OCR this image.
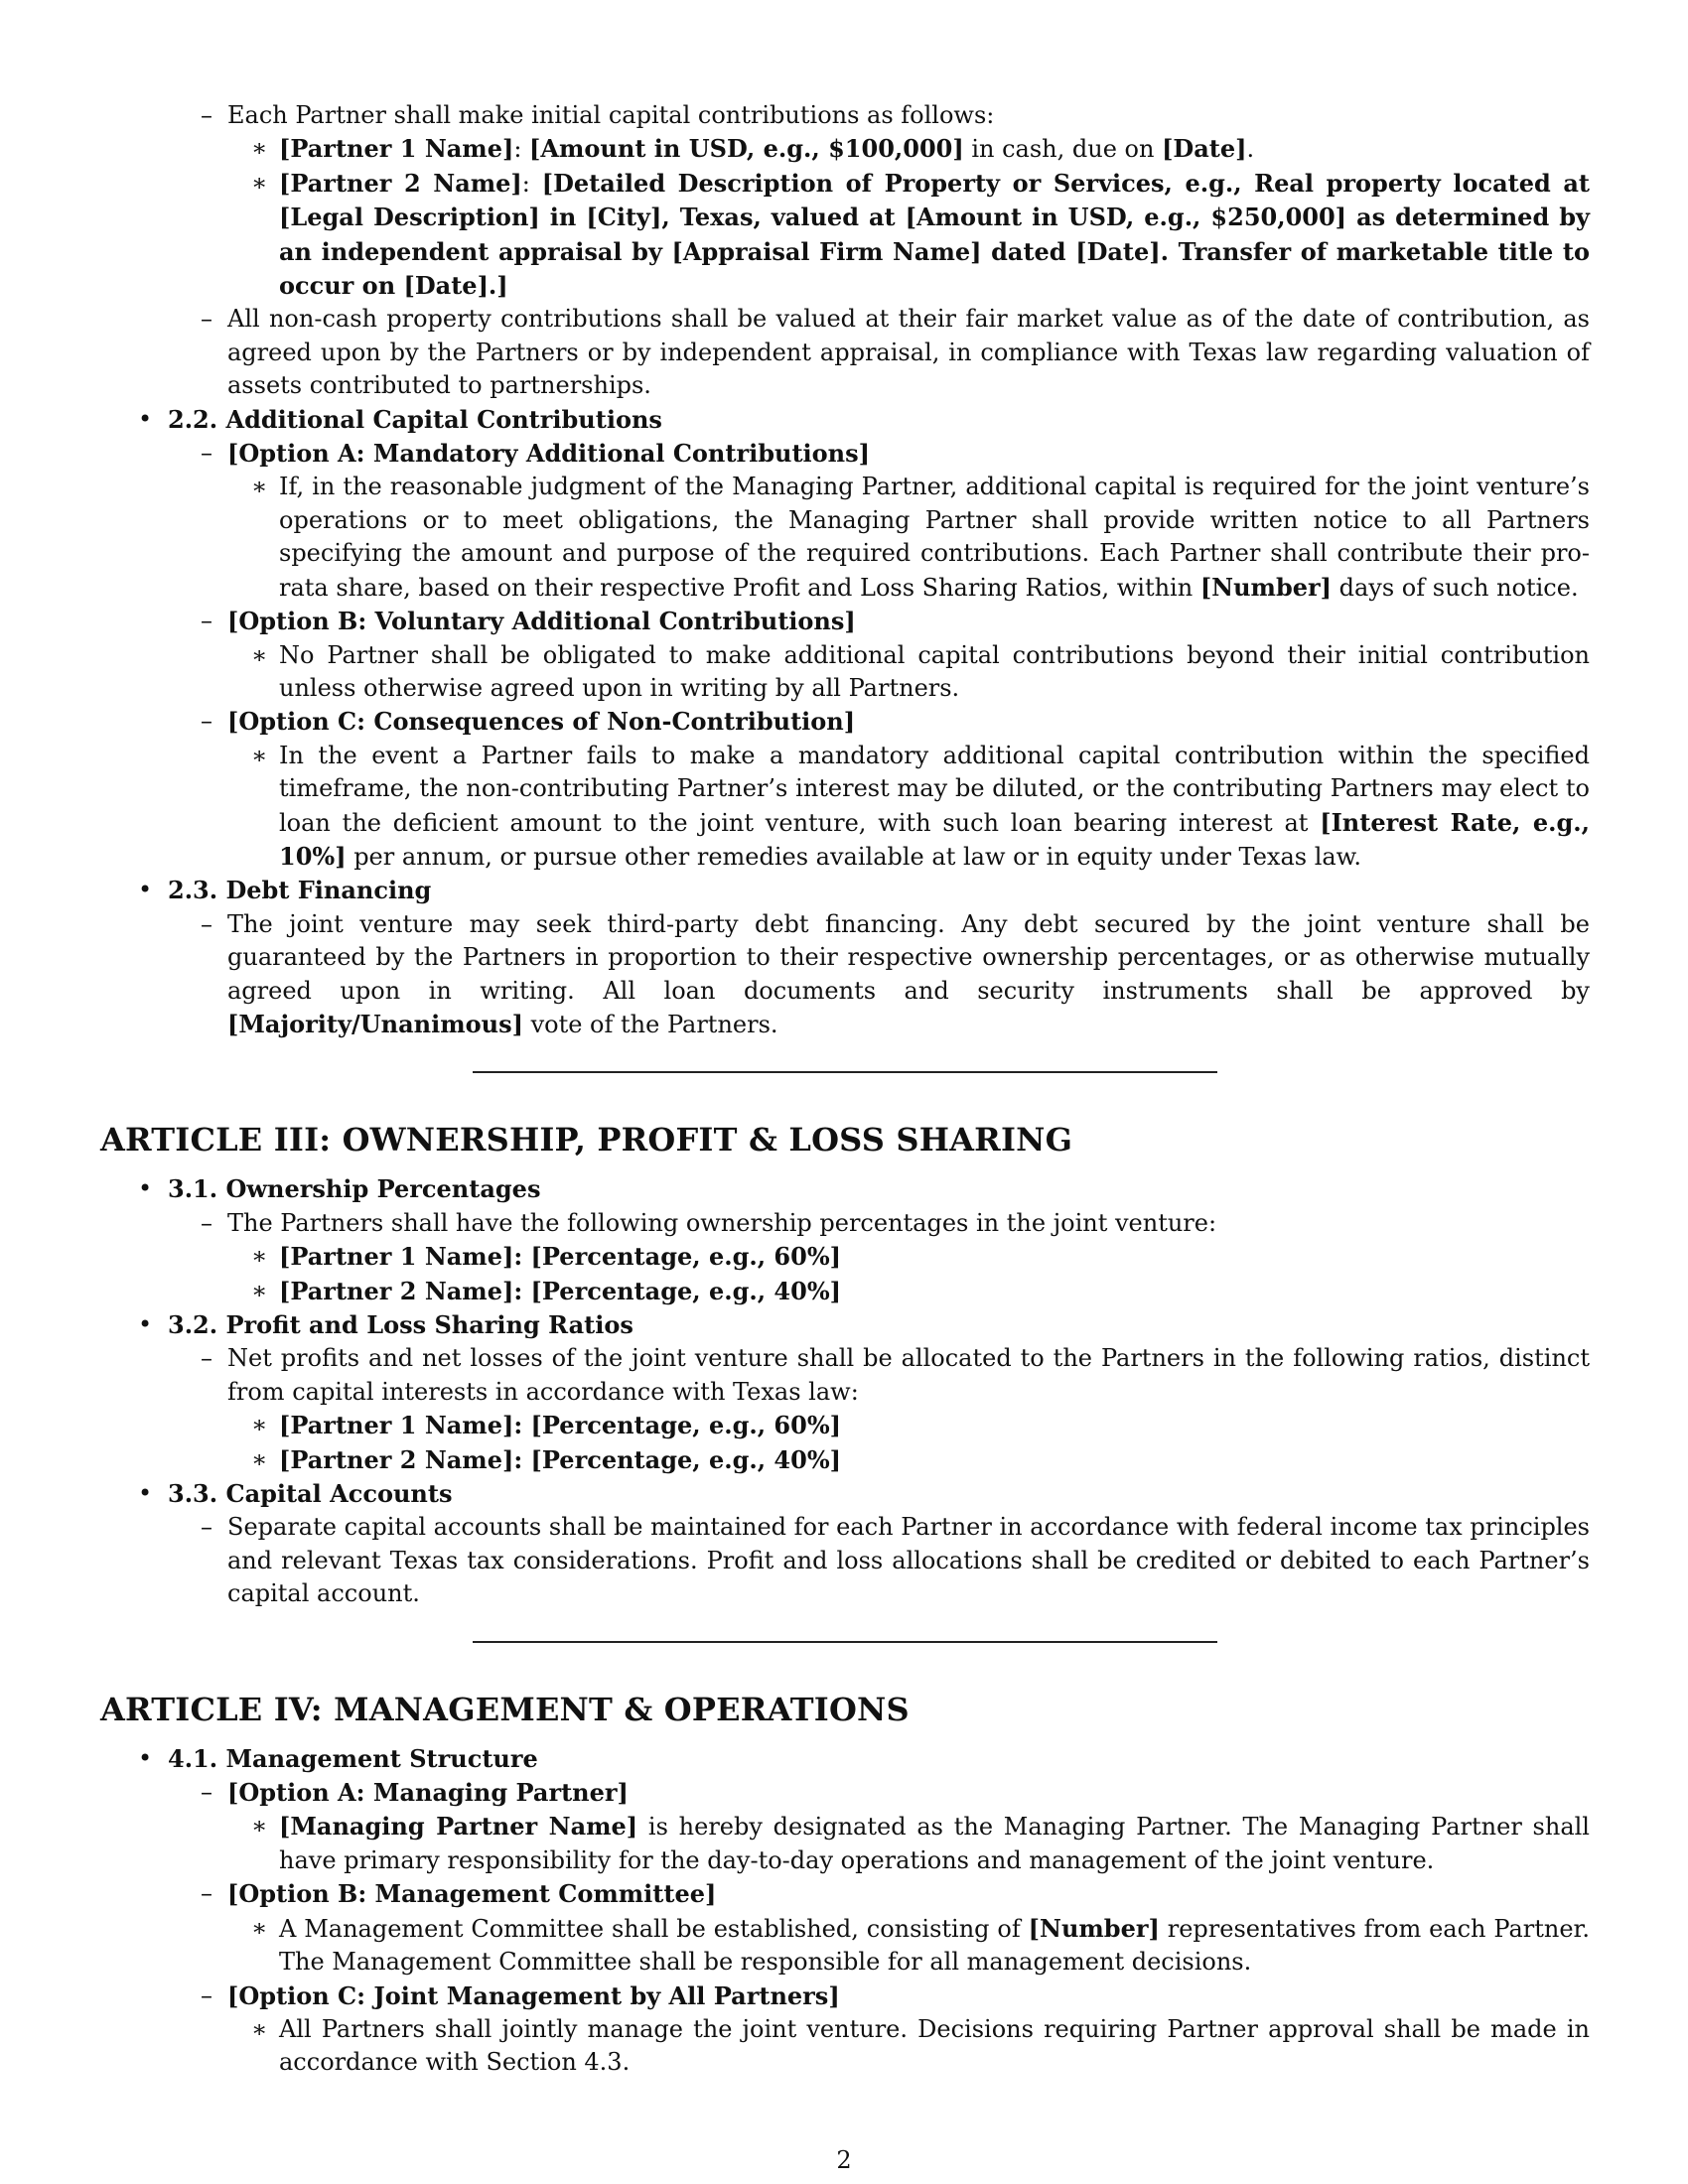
– Each Partner shall make initial capital contributions as follows:
∗ [Partner 1 Name]: [Amount in USD, e.g., $100,000] in cash, due on [Date].
∗ [Partner 2 Name]: [Detailed Description of Property or Services, e.g., Real property located at [Legal Description] in [City], Texas, valued at [Amount in USD, e.g., $250,000] as determined by an independent appraisal by [Appraisal Firm Name] dated [Date]. Transfer of marketable title to occur on [Date].]
– All non-cash property contributions shall be valued at their fair market value as of the date of contribution, as agreed upon by the Partners or by independent appraisal, in compliance with Texas law regarding valuation of assets contributed to partnerships.
• 2.2. Additional Capital Contributions
– [Option A: Mandatory Additional Contributions]
∗ If, in the reasonable judgment of the Managing Partner, additional capital is required for the joint venture’s operations or to meet obligations, the Managing Partner shall provide written notice to all Partners specifying the amount and purpose of the required contributions. Each Partner shall contribute their pro-rata share, based on their respective Profit and Loss Sharing Ratios, within [Number] days of such notice.
– [Option B: Voluntary Additional Contributions]
∗ No Partner shall be obligated to make additional capital contributions beyond their initial contribution unless otherwise agreed upon in writing by all Partners.
– [Option C: Consequences of Non-Contribution]
∗ In the event a Partner fails to make a mandatory additional capital contribution within the specified timeframe, the non-contributing Partner’s interest may be diluted, or the contributing Partners may elect to loan the deficient amount to the joint venture, with such loan bearing interest at [Interest Rate, e.g., 10%] per annum, or pursue other remedies available at law or in equity under Texas law.
• 2.3. Debt Financing
– The joint venture may seek third-party debt financing. Any debt secured by the joint venture shall be guaranteed by the Partners in proportion to their respective ownership percentages, or as otherwise mutually agreed upon in writing. All loan documents and security instruments shall be approved by [Majority/Unanimous] vote of the Partners.
ARTICLE III: OWNERSHIP, PROFIT & LOSS SHARING
• 3.1. Ownership Percentages
– The Partners shall have the following ownership percentages in the joint venture:
∗ [Partner 1 Name]: [Percentage, e.g., 60%]
∗ [Partner 2 Name]: [Percentage, e.g., 40%]
• 3.2. Profit and Loss Sharing Ratios
– Net profits and net losses of the joint venture shall be allocated to the Partners in the following ratios, distinct from capital interests in accordance with Texas law:
∗ [Partner 1 Name]: [Percentage, e.g., 60%]
∗ [Partner 2 Name]: [Percentage, e.g., 40%]
• 3.3. Capital Accounts
– Separate capital accounts shall be maintained for each Partner in accordance with federal income tax principles and relevant Texas tax considerations. Profit and loss allocations shall be credited or debited to each Partner’s capital account.
ARTICLE IV: MANAGEMENT & OPERATIONS
• 4.1. Management Structure
– [Option A: Managing Partner]
∗ [Managing Partner Name] is hereby designated as the Managing Partner. The Managing Partner shall have primary responsibility for the day-to-day operations and management of the joint venture.
– [Option B: Management Committee]
∗ A Management Committee shall be established, consisting of [Number] representatives from each Partner. The Management Committee shall be responsible for all management decisions.
– [Option C: Joint Management by All Partners]
∗ All Partners shall jointly manage the joint venture. Decisions requiring Partner approval shall be made in accordance with Section 4.3.
2
